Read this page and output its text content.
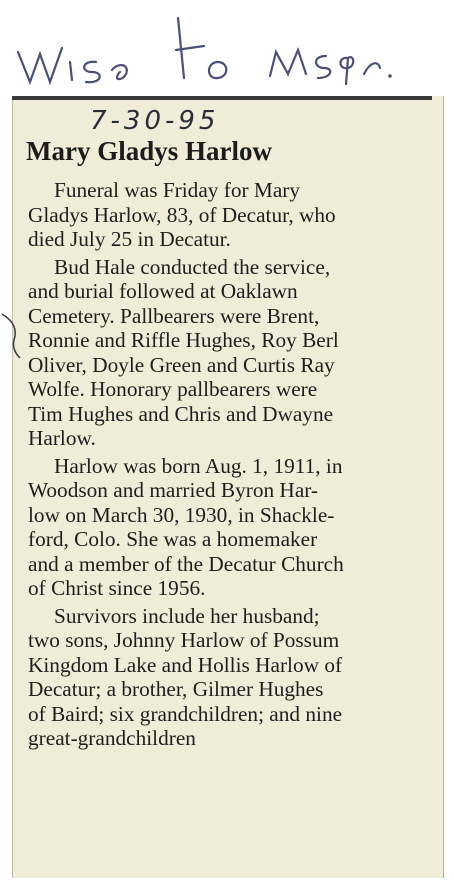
7-30-95
Mary Gladys Harlow

Funeral was Friday for Mary
Gladys Harlow, 83, of Decatur, who
died July 25 in Decatur.

Bud Hale conducted the service,
and burial followed at Oaklawn
Cemetery. Pallbearers were Brent,
Ronnie and Riffle Hughes, Roy Berl
Oliver, Doyle Green and Curtis Ray
Wolfe. Honorary pallbearers were
Tim Hughes and Chris and Dwayne
Harlow.

Harlow was born Aug. 1, 1911, in
Woodson and married Byron Har-
low on March 30, 1930, in Shackle-
ford, Colo. She was a homemaker
and a member of the Decatur Church
of Christ since 1956.

Survivors include her husband;
two sons, Johnny Harlow of Possum
Kingdom Lake and Hollis Harlow of
Decatur; a brother, Gilmer Hughes
of Baird; six grandchildren; and nine
great-grandchildren
